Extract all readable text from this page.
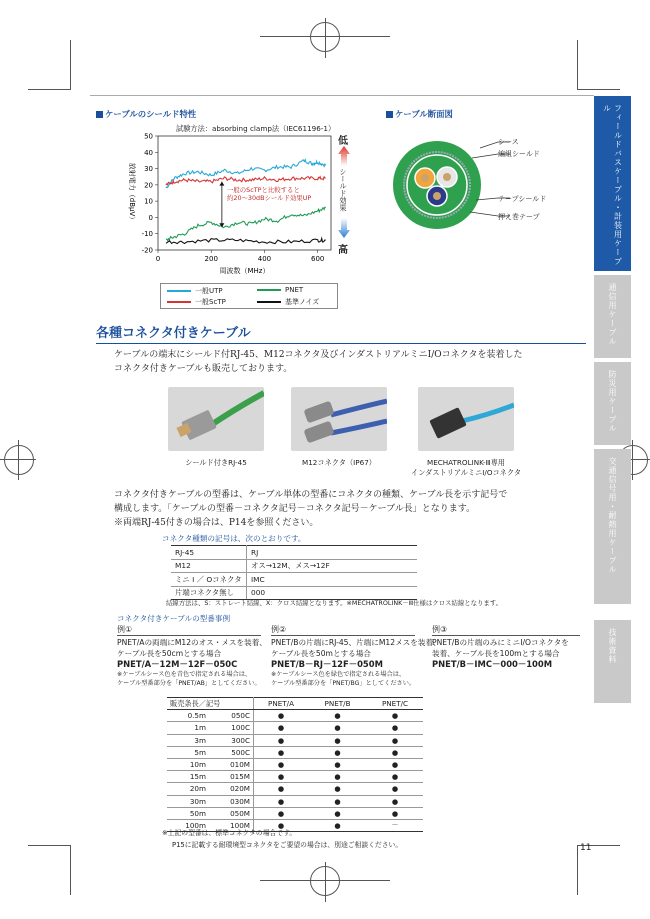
フィールドバスケーブル・計装用ケーブル
通信用ケーブル
防災用ケーブル
交通信号用・耐熱用ケーブル
技術資料
ケーブルのシールド特性
試験方法：absorbing clamp法（IEC61196-1）
50
40
30
20
10
0
-10
-20
0	200	400	600
周波数（MHz）
放射電力（dBμV）	一般のScTPと比較すると
約20～30dBシールド効果UP
低
シールド効果
高
一般UTP	PNET
一般ScTP	基準ノイズ
ケーブル断面図
シース
編組シールド
テープシールド
押え巻テープ
各種コネクタ付きケーブル
ケーブルの端末にシールド付RJ-45、M12コネクタ及びインダストリアルミニI/Oコネクタを装着した
コネクタ付きケーブルも販売しております。
シールド付きRJ-45	M12コネクタ（IP67）	MECHATROLINK-Ⅲ専用
インダストリアルミニI/Oコネクタ
コネクタ付きケーブルの型番は、ケーブル単体の型番にコネクタの種類、ケーブル長を示す記号で
構成します。「ケーブルの型番－コネクタ記号－コネクタ記号－ケーブル長」となります。
※両端RJ-45付きの場合は、P14を参照ください。
コネクタ種類の記号は、次のとおりです。
RJ-45	RJ
M12	オス→12M、メス→12F
ミニ I ／ Oコネクタ	IMC
片端コネクタ無し	000
結線方法は、S：ストレート結線、X：クロス結線となります。※MECHATROLINK－Ⅲ仕様はクロス結線となります。
コネクタ付きケーブルの型番事例
例①
PNET/Aの両端にM12のオス・メスを装着、
ケーブル長を50cmとする場合
PNET/A－12M－12F－050C
※ケーブルシース色を青色で指定される場合は、
ケーブル型番部分を「PNET/AB」としてください。
例②
PNET/Bの片端にRJ-45、片端にM12メスを装着、
ケーブル長を50mとする場合
PNET/B－RJ－12F－050M
※ケーブルシース色を緑色で指定される場合は、
ケーブル型番部分を「PNET/BG」としてください。
例③
PNET/Bの片端のみにミニI/Oコネクタを
装着、ケーブル長を100mとする場合
PNET/B－IMC－000－100M
販売条長／記号		PNET/A	PNET/B	PNET/C
0.5m	050C	●	●	●
1m	100C	●	●	●
3m	300C	●	●	●
5m	500C	●	●	●
10m	010M	●	●	●
15m	015M	●	●	●
20m	020M	●	●	●
30m	030M	●	●	●
50m	050M	●	●	●
100m	100M	●	●	－
※上記の型番は、標準コネクタの場合です。
P15に記載する耐環境型コネクタをご要望の場合は、別途ご相談ください。	11
